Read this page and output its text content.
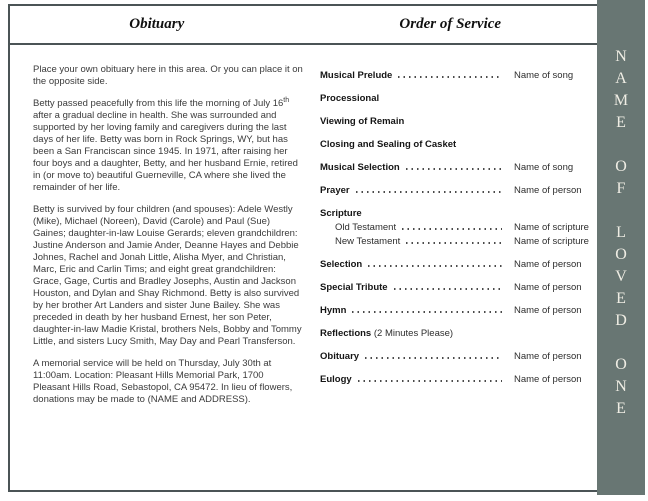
Obituary	Order of Service

Place your own obituary here in this area. Or you can place it on the opposite side.

Betty passed peacefully from this life the morning of July 16th after a gradual decline in health. She was surrounded and supported by her loving family and caregivers during the last days of her life. Betty was born in Rock Springs, WY, but has been a San Franciscan since 1945. In 1971, after raising her four boys and a daughter, Betty, and her husband Ernie, retired in (or move to) beautiful Guerneville, CA where she lived the remainder of her life.

Betty is survived by four children (and spouses): Adele Westly (Mike), Michael (Noreen), David (Carole) and Paul (Sue) Gaines; daughter-in-law Louise Gerards; eleven grandchildren: Justine Anderson and Jamie Ander, Deanne Hayes and Debbie Johnes, Rachel and Jonah Little, Alisha Myer, and Christian, Marc, Eric and Carlin Tims; and eight great grandchildren: Grace, Gage, Curtis and Bradley Josephs, Austin and Jackson Houston, and Dylan and Shay Richmond. Betty is also survived by her brother Art Landers and sister June Bailey. She was preceded in death by her husband Ernest, her son Peter, daughter-in-law Madie Kristal, brothers Nels, Bobby and Tommy Little, and sisters Lucy Smith, May Day and Pearl Transferson.

A memorial service will be held on Thursday, July 30th at 11:00am. Location: Pleasant Hills Memorial Park, 1700 Pleasant Hills Road, Sebastopol, CA 95472. In lieu of flowers, donations may be made to (NAME and ADDRESS).

Musical Prelude	Name of song
Processional
Viewing of Remain
Closing and Sealing of Casket
Musical Selection	Name of song
Prayer	Name of person
Scripture
Old Testament	Name of scripture
New Testament	Name of scripture
Selection	Name of person
Special Tribute	Name of person
Hymn	Name of person
Reflections (2 Minutes Please)
Obituary	Name of person
Eulogy	Name of person
N
A
M
E
O
F
L
O
V
E
D
O
N
E
